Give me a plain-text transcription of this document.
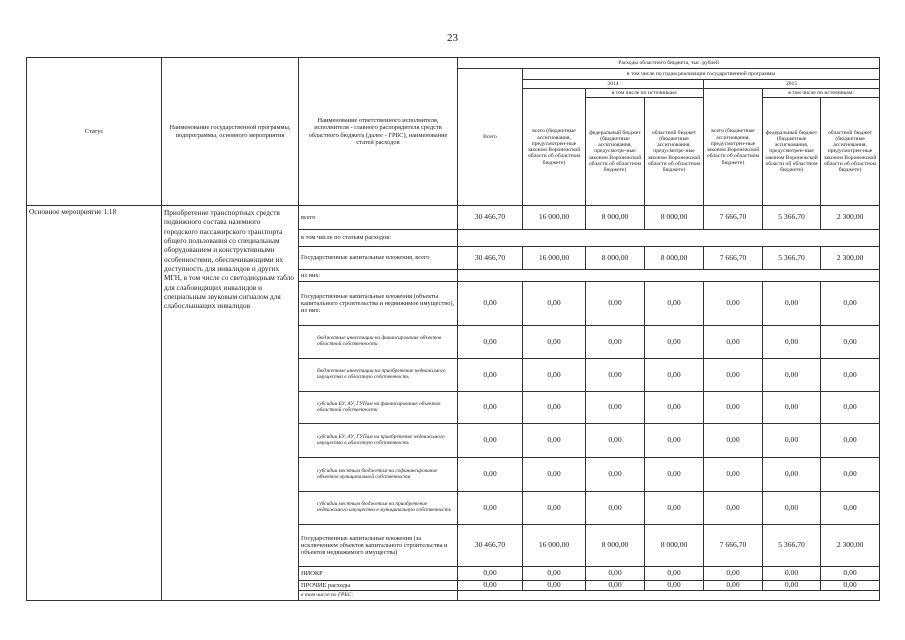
23
Статус	Наименование государственной программы, подпрограммы, основного мероприятия	Наименование ответственного исполнителя, исполнителя - главного распорядителя средств областного бюджета (далее - ГРБС), наименование статей расходов	Расходы областного бюджета, тыс. рублей						
			Всего	в том числе по годам реализации государственной программы					
				2014			2015		
				всего (бюджетные ассигнования, предусмотрен-ные законом Воронежской области об областном бюджете)	в том числе по источникам:		всего (бюджетные ассигнования, предусмотрен-ные законом Воронежской области об областном бюджете)	в том числе по источникам:	
					федеральный бюджет (бюджетные ассигнования, предусмотре-ные законом Воронежской области об областном бюджете)	областной бюджет (бюджетные ассигнования, предусмотре-ные законом Воронежской области об областном бюджете)		федеральный бюджет (бюджетные ассигнования, предусмотрен-ные законом Воронежской области об областном бюджете)	областной бюджет (бюджетные ассигнования, предусмотрен-ные законом Воронежской области об областном бюджете)
Основное мероприятие 1.18	Приобретение транспортных средств подвижного состава наземного городского пассажирского транспорта общего пользования со специальным оборудованием и конструктивными особенностями, обеспечивающими их доступность для инвалидов и других МГН, в том числе со светодиодным табло для слабовидящих инвалидов и специальным звуковым сигналом для слабослышащих инвалидов	всего	30 466,70	16 000,00	8 000,00	8 000,00	7 666,70	5 366,70	2 300,00
		в том числе по статьям расходов:							
		Государственные капитальные вложения, всего	30 466,70	16 000,00	8 000,00	8 000,00	7 666,70	5 366,70	2 300,00
		из них:							
		Государственные капитальные вложения (объекты капитального строительства и недвижимое имущество), из них:	0,00	0,00	0,00	0,00	0,00	0,00	0,00
		бюджетные инвестиции на финансирование объектов областной собственности	0,00	0,00	0,00	0,00	0,00	0,00	0,00
		бюджетные инвестиции на приобретение недвижимого имущества в областную собственность	0,00	0,00	0,00	0,00	0,00	0,00	0,00
		субсидии БУ, АУ, ГУПам на финансирование объектов областной собственности	0,00	0,00	0,00	0,00	0,00	0,00	0,00
		субсидии БУ, АУ, ГУПам на приобретение недвижимого имущества в областную собственность	0,00	0,00	0,00	0,00	0,00	0,00	0,00
		субсидии местным бюджетам на софинансирование объектов муниципальной собственности	0,00	0,00	0,00	0,00	0,00	0,00	0,00
		субсидии местным бюджетам на приобретение недвижимого имущества в муниципальную собственность	0,00	0,00	0,00	0,00	0,00	0,00	0,00
		Государственные капитальные вложения (за исключением объектов капитального строительства и объектов недвижимого имущества)	30 466,70	16 000,00	8 000,00	8 000,00	7 666,70	5 366,70	2 300,00
		НИОКР	0,00	0,00	0,00	0,00	0,00	0,00	0,00
		ПРОЧИЕ расходы	0,00	0,00	0,00	0,00	0,00	0,00	0,00
		в том числе по ГРБС:							
